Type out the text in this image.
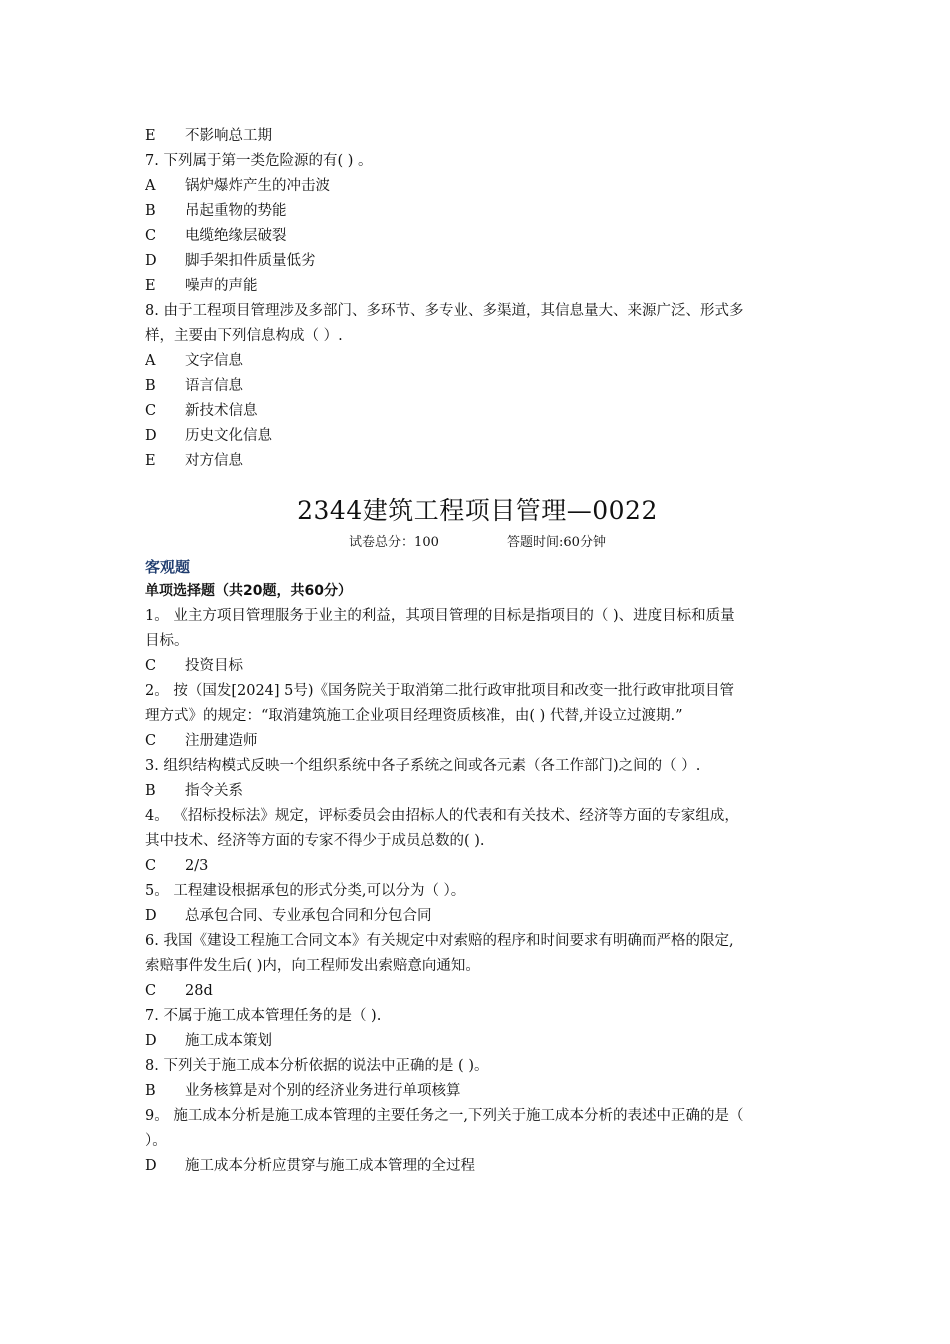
E 不影响总工期
7. 下列属于第一类危险源的有( ) 。
A 锅炉爆炸产生的冲击波
B 吊起重物的势能
C 电缆绝缘层破裂
D 脚手架扣件质量低劣
E 噪声的声能
8. 由于工程项目管理涉及多部门、多环节、多专业、多渠道，其信息量大、来源广泛、形式多
样，主要由下列信息构成（ ）.
A 文字信息
B 语言信息
C 新技术信息
D 历史文化信息
E 对方信息
2344建筑工程项目管理—0022
试卷总分：100	答题时间:60分钟
客观题
单项选择题（共20题，共60分）
1。 业主方项目管理服务于业主的利益，其项目管理的目标是指项目的（ )、进度目标和质量
目标。
C 投资目标
2。 按（国发[2024] 5号)《国务院关于取消第二批行政审批项目和改变一批行政审批项目管
理方式》的规定：“取消建筑施工企业项目经理资质核准，由( ) 代替,并设立过渡期.”
C 注册建造师
3. 组织结构模式反映一个组织系统中各子系统之间或各元素（各工作部门)之间的（ ）.
B 指令关系
4。 《招标投标法》规定，评标委员会由招标人的代表和有关技术、经济等方面的专家组成，
其中技术、经济等方面的专家不得少于成员总数的( ).
C 2/3
5。 工程建设根据承包的形式分类,可以分为（ ）。
D 总承包合同、专业承包合同和分包合同
6. 我国《建设工程施工合同文本》有关规定中对索赔的程序和时间要求有明确而严格的限定,
索赔事件发生后( )内，向工程师发出索赔意向通知。
C 28d
7. 不属于施工成本管理任务的是（ ).
D 施工成本策划
8. 下列关于施工成本分析依据的说法中正确的是 ( )。
B 业务核算是对个别的经济业务进行单项核算
9。 施工成本分析是施工成本管理的主要任务之一,下列关于施工成本分析的表述中正确的是（
）。
D 施工成本分析应贯穿与施工成本管理的全过程
